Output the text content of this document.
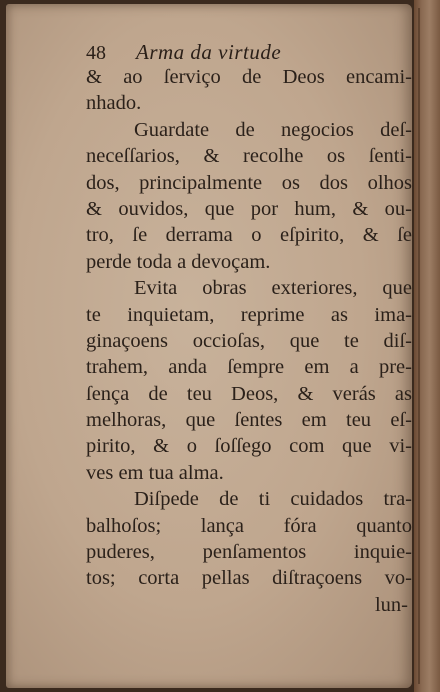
48 Arma da virtude
& ao ſerviço de Deos encami-
nhado.
Guardate de negocios deſ-
neceſſarios, & recolhe os ſenti-
dos, principalmente os dos olhos
& ouvidos, que por hum, & ou-
tro, ſe derrama o eſpirito, & ſe
perde toda a devoçam.
Evita obras exteriores, que
te inquietam, reprime as ima-
ginaçoens occioſas, que te diſ-
trahem, anda ſempre em a pre-
ſença de teu Deos, & verás as
melhoras, que ſentes em teu eſ-
pirito, & o ſoſſego com que vi-
ves em tua alma.
Diſpede de ti cuidados tra-
balhoſos; lança fóra quanto
puderes, penſamentos inquie-
tos; corta pellas diſtraçoens vo-
lun-
